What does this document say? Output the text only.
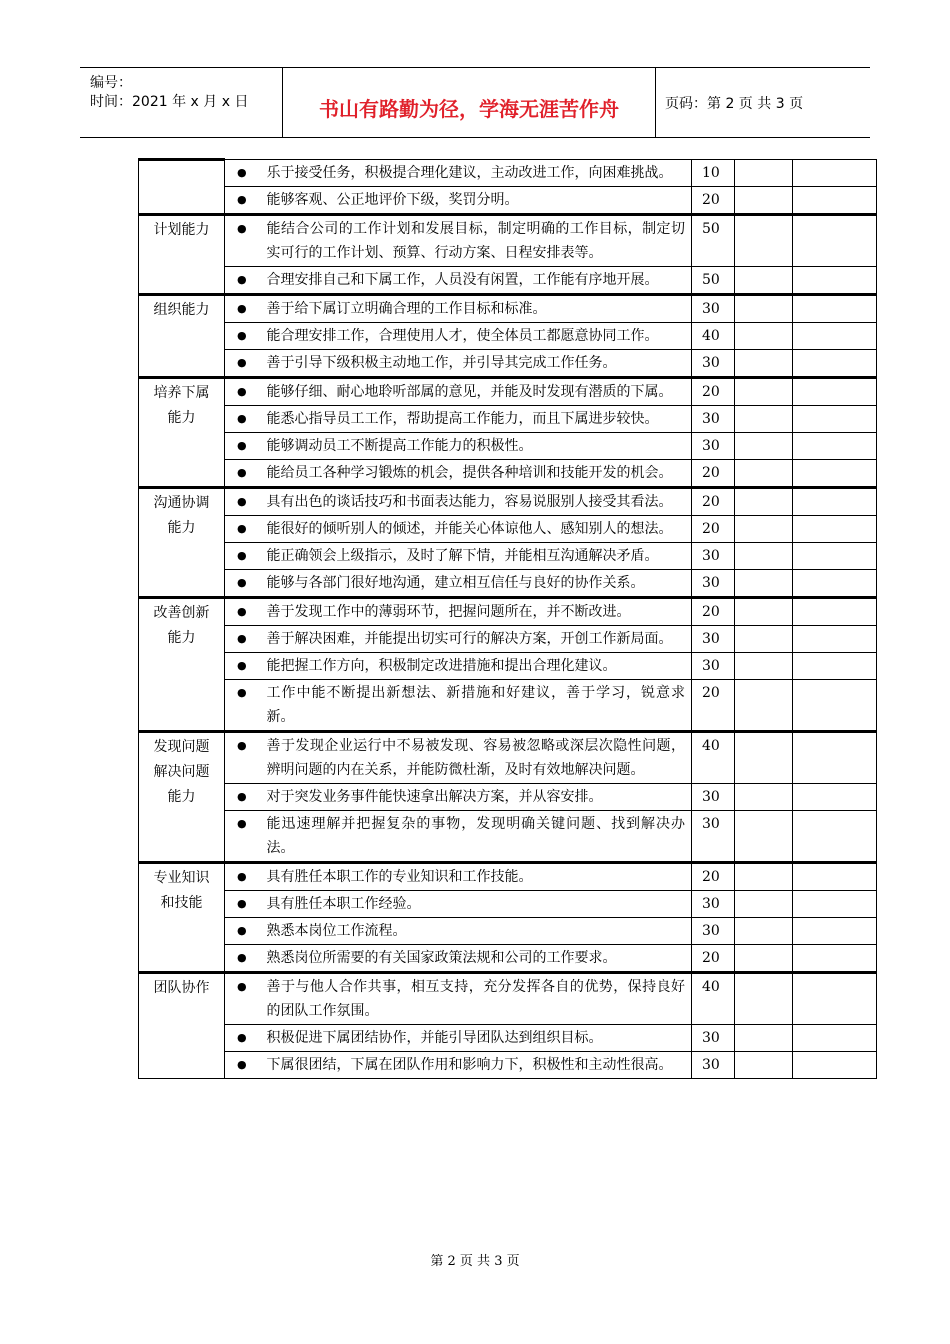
编号：
时间：2021 年 x 月 x 日	书山有路勤为径，学海无涯苦作舟	页码：第 2 页 共 3 页
	●	乐于接受任务，积极提合理化建议，主动改进工作，向困难挑战。	10		
	●	能够客观、公正地评价下级，奖罚分明。	20		

计划能力	●	能结合公司的工作计划和发展目标，制定明确的工作目标，制定切实可行的工作计划、预算、行动方案、日程安排表等。	50		
	●	合理安排自己和下属工作，人员没有闲置，工作能有序地开展。	50		

组织能力	●	善于给下属订立明确合理的工作目标和标准。	30		
	●	能合理安排工作，合理使用人才，使全体员工都愿意协同工作。	40		
	●	善于引导下级积极主动地工作，并引导其完成工作任务。	30		

培养下属
能力	●	能够仔细、耐心地聆听部属的意见，并能及时发现有潜质的下属。	20		
	●	能悉心指导员工工作，帮助提高工作能力，而且下属进步较快。	30		
	●	能够调动员工不断提高工作能力的积极性。	30		
	●	能给员工各种学习锻炼的机会，提供各种培训和技能开发的机会。	20		

沟通协调
能力	●	具有出色的谈话技巧和书面表达能力，容易说服别人接受其看法。	20		
	●	能很好的倾听别人的倾述，并能关心体谅他人、感知别人的想法。	20		
	●	能正确领会上级指示，及时了解下情，并能相互沟通解决矛盾。	30		
	●	能够与各部门很好地沟通，建立相互信任与良好的协作关系。	30		

改善创新
能力	●	善于发现工作中的薄弱环节，把握问题所在，并不断改进。	20		
	●	善于解决困难，并能提出切实可行的解决方案，开创工作新局面。	30		
	●	能把握工作方向，积极制定改进措施和提出合理化建议。	30		
	●	工作中能不断提出新想法、新措施和好建议，善于学习，锐意求新。	20		

发现问题
解决问题
能力	●	善于发现企业运行中不易被发现、容易被忽略或深层次隐性问题，辨明问题的内在关系，并能防微杜渐，及时有效地解决问题。	40		
	●	对于突发业务事件能快速拿出解决方案，并从容安排。	30		
	●	能迅速理解并把握复杂的事物，发现明确关键问题、找到解决办法。	30		

专业知识
和技能	●	具有胜任本职工作的专业知识和工作技能。	20		
	●	具有胜任本职工作经验。	30		
	●	熟悉本岗位工作流程。	30		
	●	熟悉岗位所需要的有关国家政策法规和公司的工作要求。	20		

团队协作	●	善于与他人合作共事，相互支持，充分发挥各自的优势，保持良好的团队工作氛围。	40		
	●	积极促进下属团结协作，并能引导团队达到组织目标。	30		
	●	下属很团结，下属在团队作用和影响力下，积极性和主动性很高。	30		
第 2 页 共 3 页
